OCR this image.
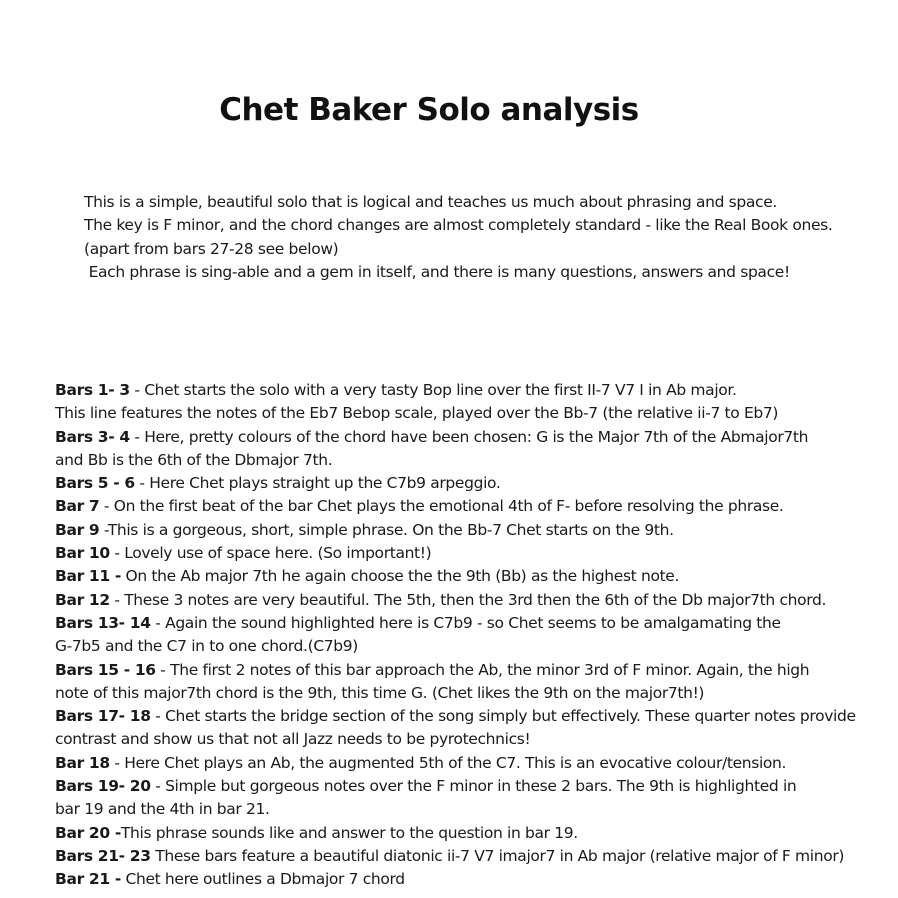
Chet Baker Solo analysis
This is a simple, beautiful solo that is logical and teaches us much about phrasing and space.
The key is F minor, and the chord changes are almost completely standard - like the Real Book ones.
(apart from bars 27-28 see below)
Each phrase is sing-able and a gem in itself, and there is many questions, answers and space!

Bars 1- 3 - Chet starts the solo with a very tasty Bop line over the first II-7 V7 I in Ab major.

This line features the notes of the Eb7 Bebop scale, played over the Bb-7 (the relative ii-7 to Eb7)

Bars 3- 4 - Here, pretty colours of the chord have been chosen: G is the Major 7th of the Abmajor7th and Bb is the 6th of the Dbmajor 7th.

Bars 5 - 6 - Here Chet plays straight up the C7b9 arpeggio.

Bar 7 - On the first beat of the bar Chet plays the emotional 4th of F- before resolving the phrase.

Bar 9 -This is a gorgeous, short, simple phrase. On the Bb-7 Chet starts on the 9th.

Bar 10 - Lovely use of space here. (So important!)

Bar 11 - On the Ab major 7th he again choose the the 9th (Bb) as the highest note.

Bar 12 - These 3 notes are very beautiful. The 5th, then the 3rd then the 6th of the Db major7th chord.

Bars 13- 14 - Again the sound highlighted here is C7b9 - so Chet seems to be amalgamating the G-7b5 and the C7 in to one chord.(C7b9)

Bars 15 - 16 - The first 2 notes of this bar approach the Ab, the minor 3rd of F minor. Again, the high note of this major7th chord is the 9th, this time G. (Chet likes the 9th on the major7th!)

Bars 17- 18 - Chet starts the bridge section of the song simply but effectively. These quarter notes provide contrast and show us that not all Jazz needs to be pyrotechnics!

Bar 18 - Here Chet plays an Ab, the augmented 5th of the C7. This is an evocative colour/tension.

Bars 19- 20 - Simple but gorgeous notes over the F minor in these 2 bars. The 9th is highlighted in bar 19 and the 4th in bar 21.

Bar 20 -This phrase sounds like and answer to the question in bar 19.

Bars 21- 23 These bars feature a beautiful diatonic ii-7 V7 imajor7 in Ab major (relative major of F minor)

Bar 21 - Chet here outlines a Dbmajor 7 chord
